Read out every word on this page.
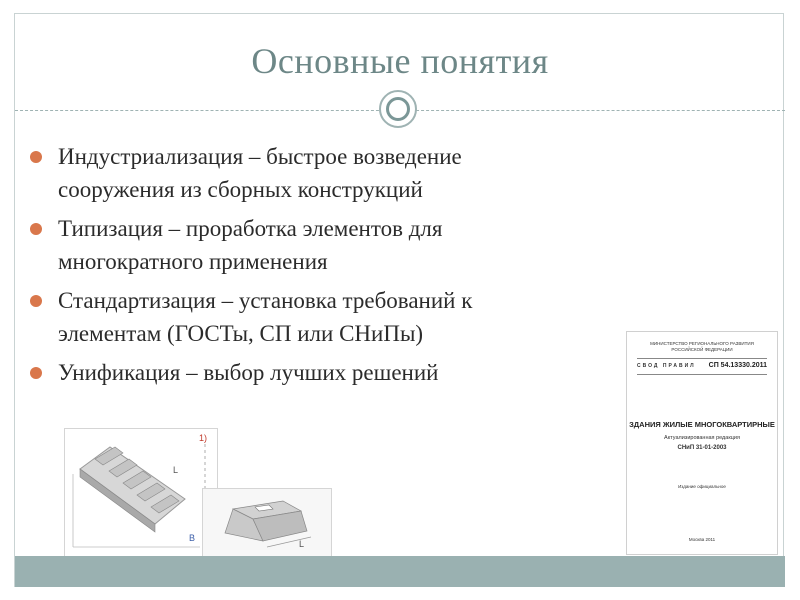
Основные понятия
Индустриализация – быстрое возведение
сооружения из сборных конструкций
Типизация – проработка элементов для
многократного применения
Стандартизация – установка требований к
элементам (ГОСТы, СП или СНиПы)
Унификация – выбор лучших решений
1)
L
B
L
МИНИСТЕРСТВО РЕГИОНАЛЬНОГО РАЗВИТИЯ
РОССИЙСКОЙ ФЕДЕРАЦИИ
СВОД ПРАВИЛ СП 54.13330.2011
ЗДАНИЯ ЖИЛЫЕ МНОГОКВАРТИРНЫЕ
Актуализированная редакция
СНиП 31-01-2003
Издание официальное
Москва 2011
